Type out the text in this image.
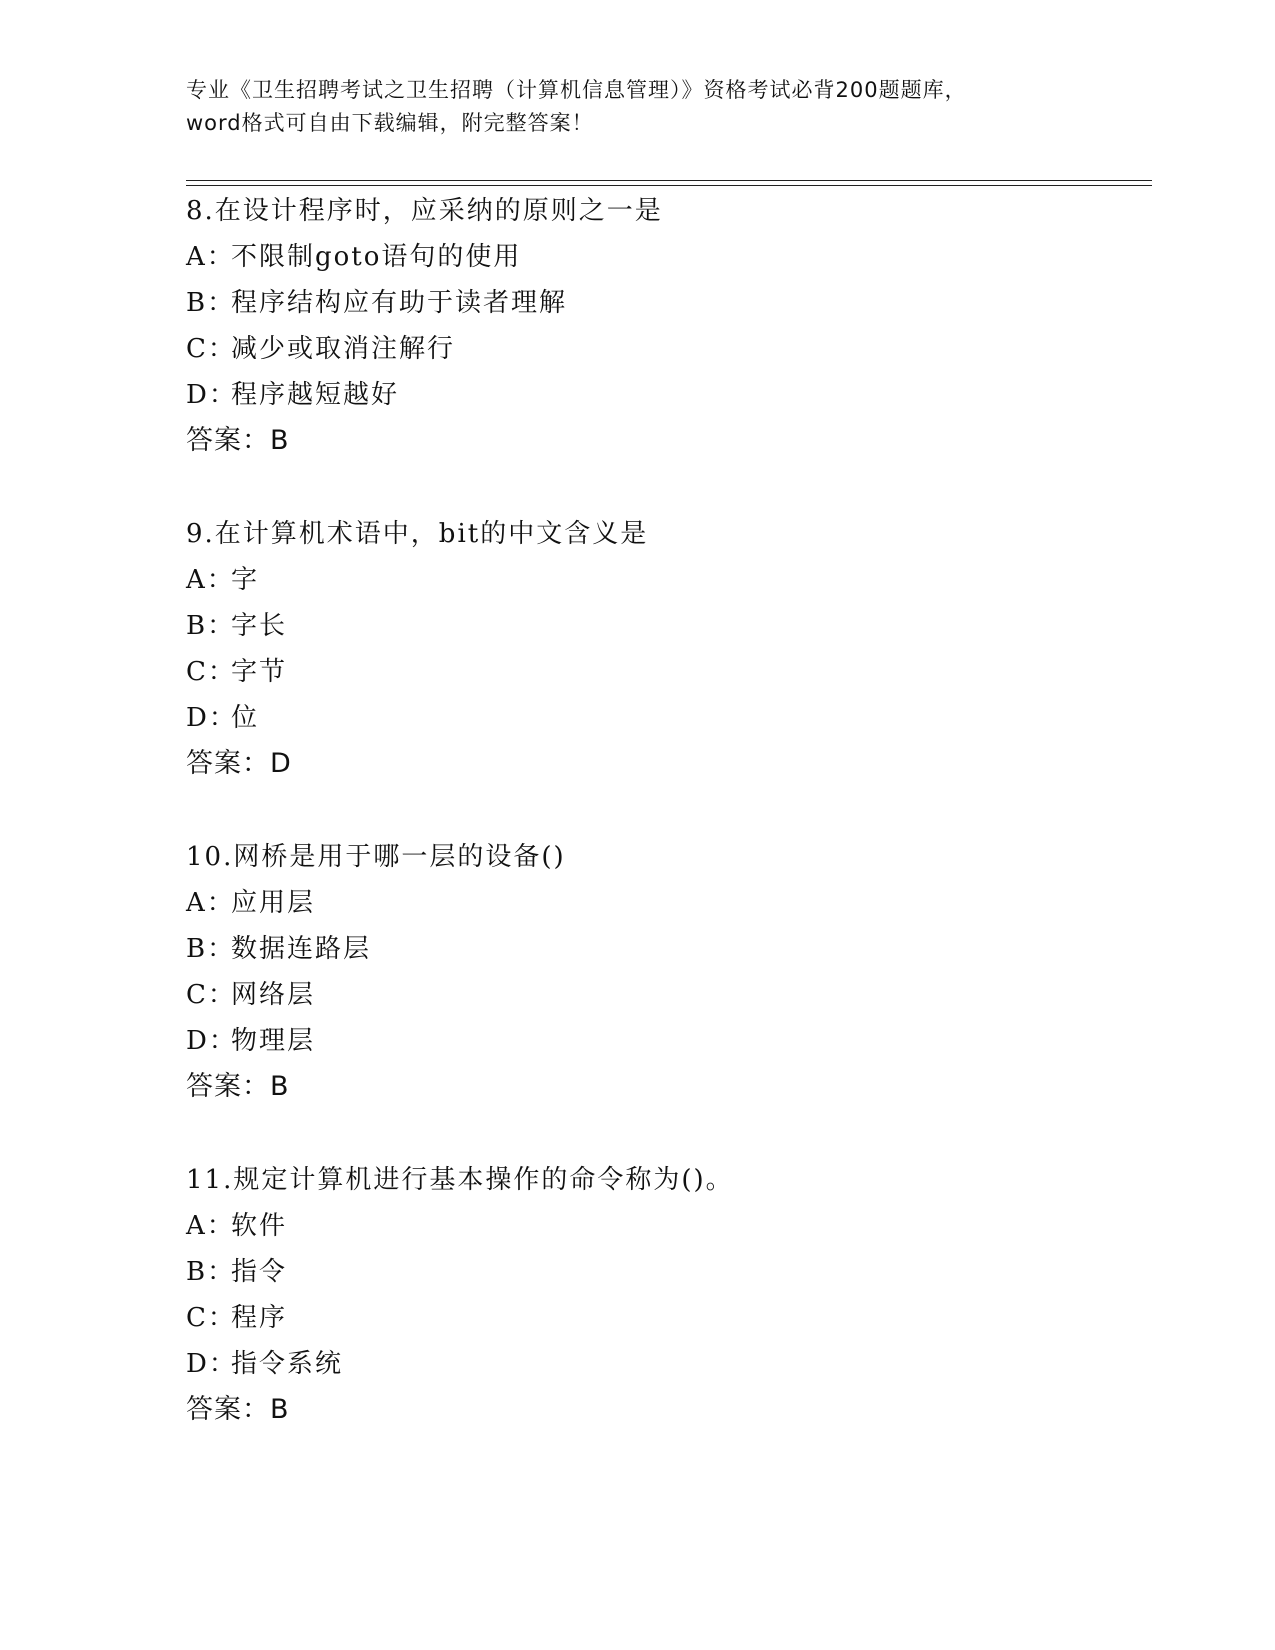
专业《卫生招聘考试之卫生招聘（计算机信息管理）》资格考试必背200题题库，
word格式可自由下载编辑，附完整答案！
8.在设计程序时，应采纳的原则之一是
A：不限制goto语句的使用
B：程序结构应有助于读者理解
C：减少或取消注解行
D：程序越短越好
答案：B
9.在计算机术语中，bit的中文含义是
A：字
B：字长
C：字节
D：位
答案：D
10.网桥是用于哪一层的设备()
A：应用层
B：数据连路层
C：网络层
D：物理层
答案：B
11.规定计算机进行基本操作的命令称为()。
A：软件
B：指令
C：程序
D：指令系统
答案：B
